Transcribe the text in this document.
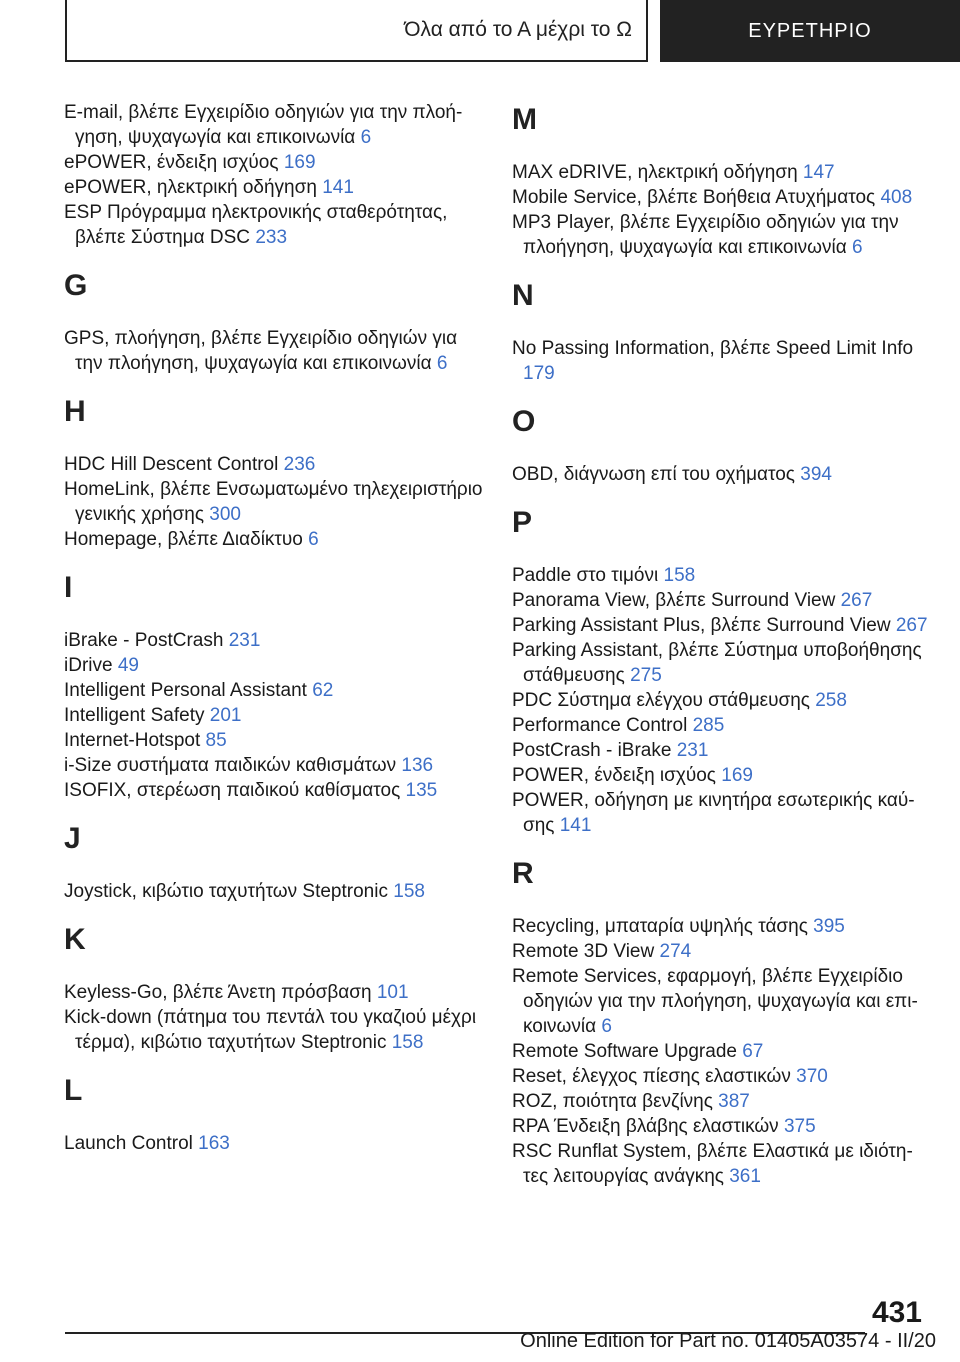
Όλα από το Α μέχρι το Ω	ΕΥΡΕΤΗΡΙΟ
E-mail, βλέπε Εγχειρίδιο οδηγιών για την πλοή-γηση, ψυχαγωγία και επικοινωνία 6
ePOWER, ένδειξη ισχύος 169
ePOWER, ηλεκτρική οδήγηση 141
ESP Πρόγραμμα ηλεκτρονικής σταθερότητας, βλέπε Σύστημα DSC 233
G
GPS, πλοήγηση, βλέπε Εγχειρίδιο οδηγιών για την πλοήγηση, ψυχαγωγία και επικοινωνία 6
H
HDC Hill Descent Control 236
HomeLink, βλέπε Ενσωματωμένο τηλεχειριστήριο γενικής χρήσης 300
Homepage, βλέπε Διαδίκτυο 6
I
iBrake - PostCrash 231
iDrive 49
Intelligent Personal Assistant 62
Intelligent Safety 201
Internet-Hotspot 85
i-Size συστήματα παιδικών καθισμάτων 136
ISOFIX, στερέωση παιδικού καθίσματος 135
J
Joystick, κιβώτιο ταχυτήτων Steptronic 158
K
Keyless-Go, βλέπε Άνετη πρόσβαση 101
Kick-down (πάτημα του πεντάλ του γκαζιού μέχρι τέρμα), κιβώτιο ταχυτήτων Steptronic 158
L
Launch Control 163
M
MAX eDRIVE, ηλεκτρική οδήγηση 147
Mobile Service, βλέπε Βοήθεια Ατυχήματος 408
MP3 Player, βλέπε Εγχειρίδιο οδηγιών για την πλοήγηση, ψυχαγωγία και επικοινωνία 6
N
No Passing Information, βλέπε Speed Limit Info 179
O
OBD, διάγνωση επί του οχήματος 394
P
Paddle στο τιμόνι 158
Panorama View, βλέπε Surround View 267
Parking Assistant Plus, βλέπε Surround View 267
Parking Assistant, βλέπε Σύστημα υποβοήθησης στάθμευσης 275
PDC Σύστημα ελέγχου στάθμευσης 258
Performance Control 285
PostCrash - iBrake 231
POWER, ένδειξη ισχύος 169
POWER, οδήγηση με κινητήρα εσωτερικής καύ-σης 141
R
Recycling, μπαταρία υψηλής τάσης 395
Remote 3D View 274
Remote Services, εφαρμογή, βλέπε Εγχειρίδιο οδηγιών για την πλοήγηση, ψυχαγωγία και επι-κοινωνία 6
Remote Software Upgrade 67
Reset, έλεγχος πίεσης ελαστικών 370
ROZ, ποιότητα βενζίνης 387
RPA Ένδειξη βλάβης ελαστικών 375
RSC Runflat System, βλέπε Ελαστικά με ιδιότη-τες λειτουργίας ανάγκης 361
431
Online Edition for Part no. 01405A03574 - II/20
